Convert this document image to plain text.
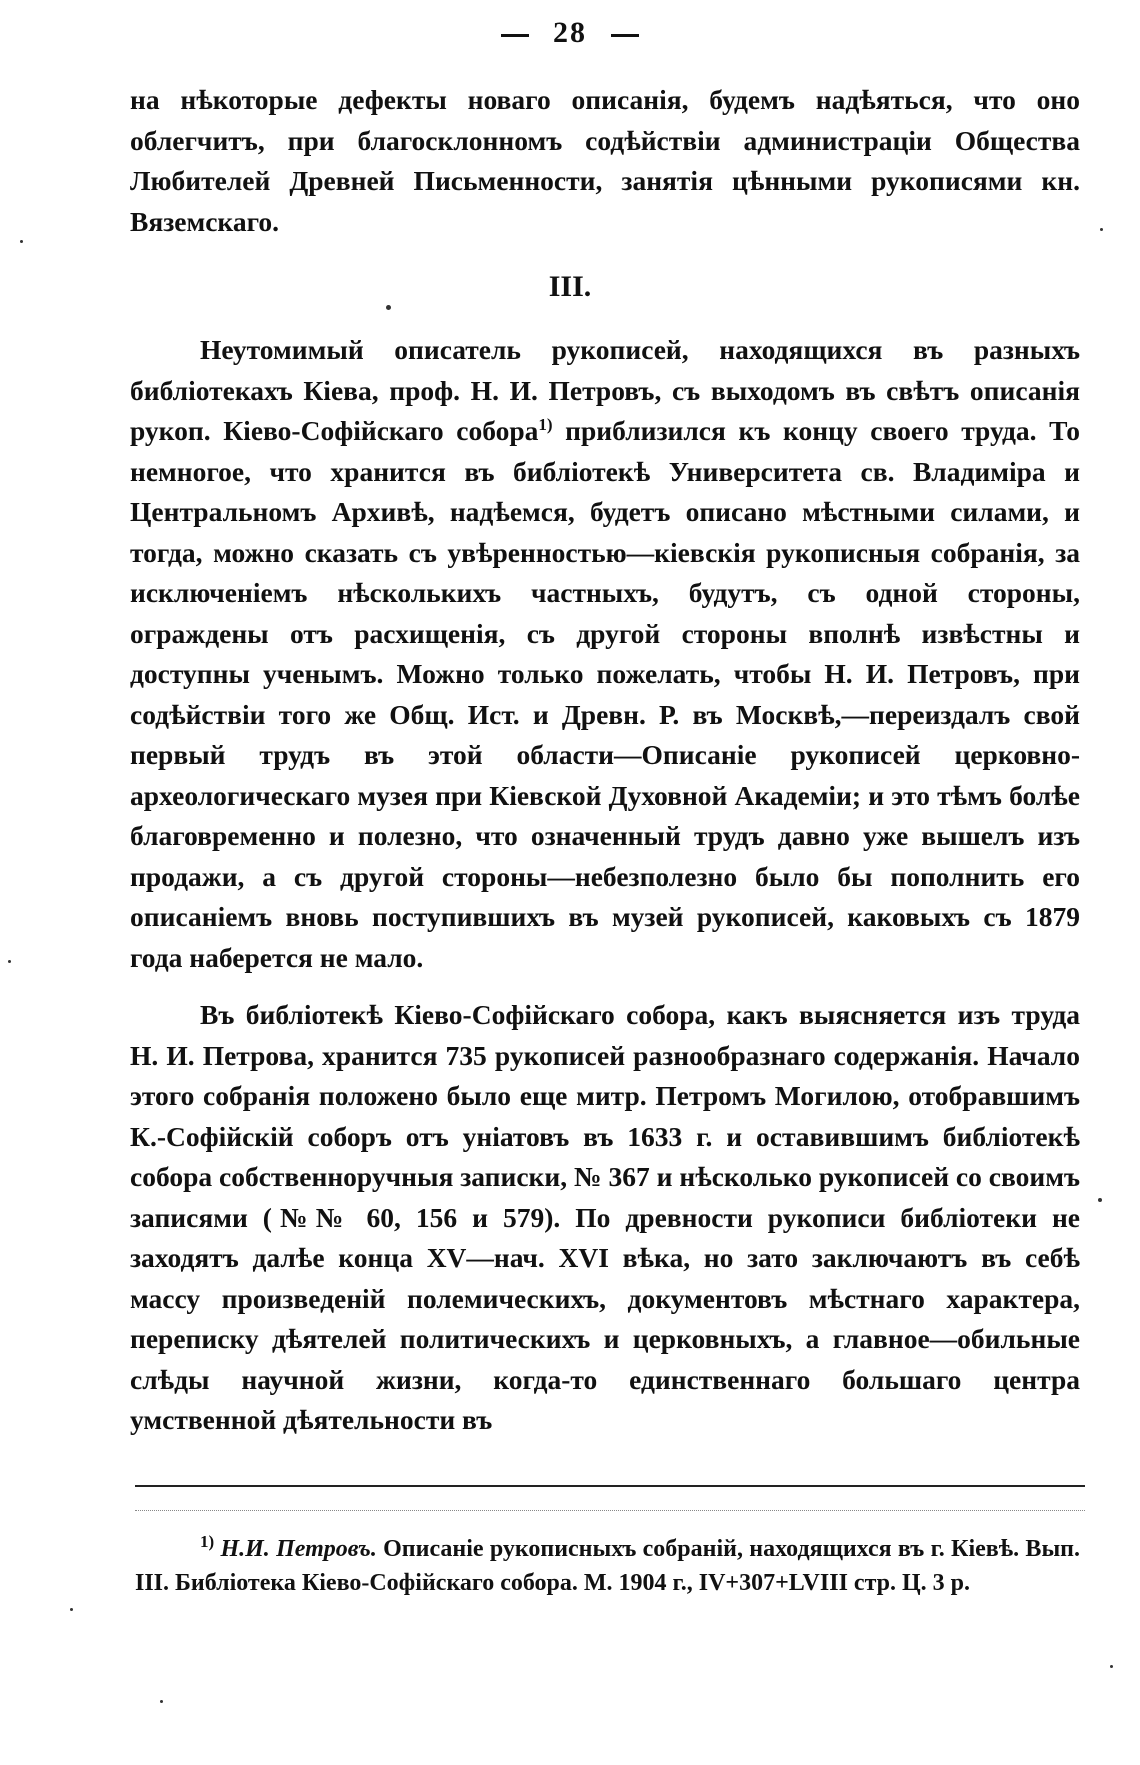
28

на нѣкоторые дефекты новаго описанія, будемъ надѣяться, что оно облегчитъ, при благосклонномъ содѣйствіи администраціи Общества Любителей Древней Письменности, занятія цѣнными рукописями кн. Вяземскаго.

III.

Неутомимый описатель рукописей, находящихся въ разныхъ библіотекахъ Кіева, проф. Н. И. Петровъ, съ выходомъ въ свѣтъ описанія рукоп. Кіево-Софійскаго собора$^{1)}$ приблизился къ концу своего труда. То немногое, что хранится въ библіотекѣ Университета св. Владиміра и Центральномъ Архивѣ, надѣемся, будетъ описано мѣстными силами, и тогда, можно сказать съ увѣренностью—кіевскія рукописныя собранія, за исключеніемъ нѣсколькихъ частныхъ, будутъ, съ одной стороны, ограждены отъ расхищенія, съ другой стороны вполнѣ извѣстны и доступны ученымъ. Можно только пожелать, чтобы Н. И. Петровъ, при содѣйствіи того же Общ. Ист. и Древн. Р. въ Москвѣ,—переиздалъ свой первый трудъ въ этой области—Описаніе рукописей церковно-археологическаго музея при Кіевской Духовной Академіи; и это тѣмъ болѣе благовременно и полезно, что означенный трудъ давно уже вышелъ изъ продажи, а съ другой стороны—небезполезно было бы пополнить его описаніемъ вновь поступившихъ въ музей рукописей, каковыхъ съ 1879 года наберется не мало.

Въ библіотекѣ Кіево-Софійскаго собора, какъ выясняется изъ труда Н. И. Петрова, хранится 735 рукописей разнообразнаго содержанія. Начало этого собранія положено было еще митр. Петромъ Могилою, отобравшимъ К.-Софійскій соборъ отъ уніатовъ въ 1633 г. и оставившимъ библіотекѣ собора собственноручныя записки, № 367 и нѣсколько рукописей со своимъ записями (№№ 60, 156 и 579). По древности рукописи библіотеки не заходятъ далѣе конца XV—нач. XVI вѣка, но зато заключаютъ въ себѣ массу произведеній полемическихъ, документовъ мѣстнаго характера, переписку дѣятелей политическихъ и церковныхъ, а главное—обильные слѣды научной жизни, когда-то единственнаго большаго центра умственной дѣятельности въ

$^{1)}$ Н.И. Петровъ. Описаніе рукописныхъ собраній, находящихся въ г. Кіевѣ. Вып. III. Библіотека Кіево-Софійскаго собора. М. 1904 г., IV+307+LVIII стр. Ц. 3 р.
